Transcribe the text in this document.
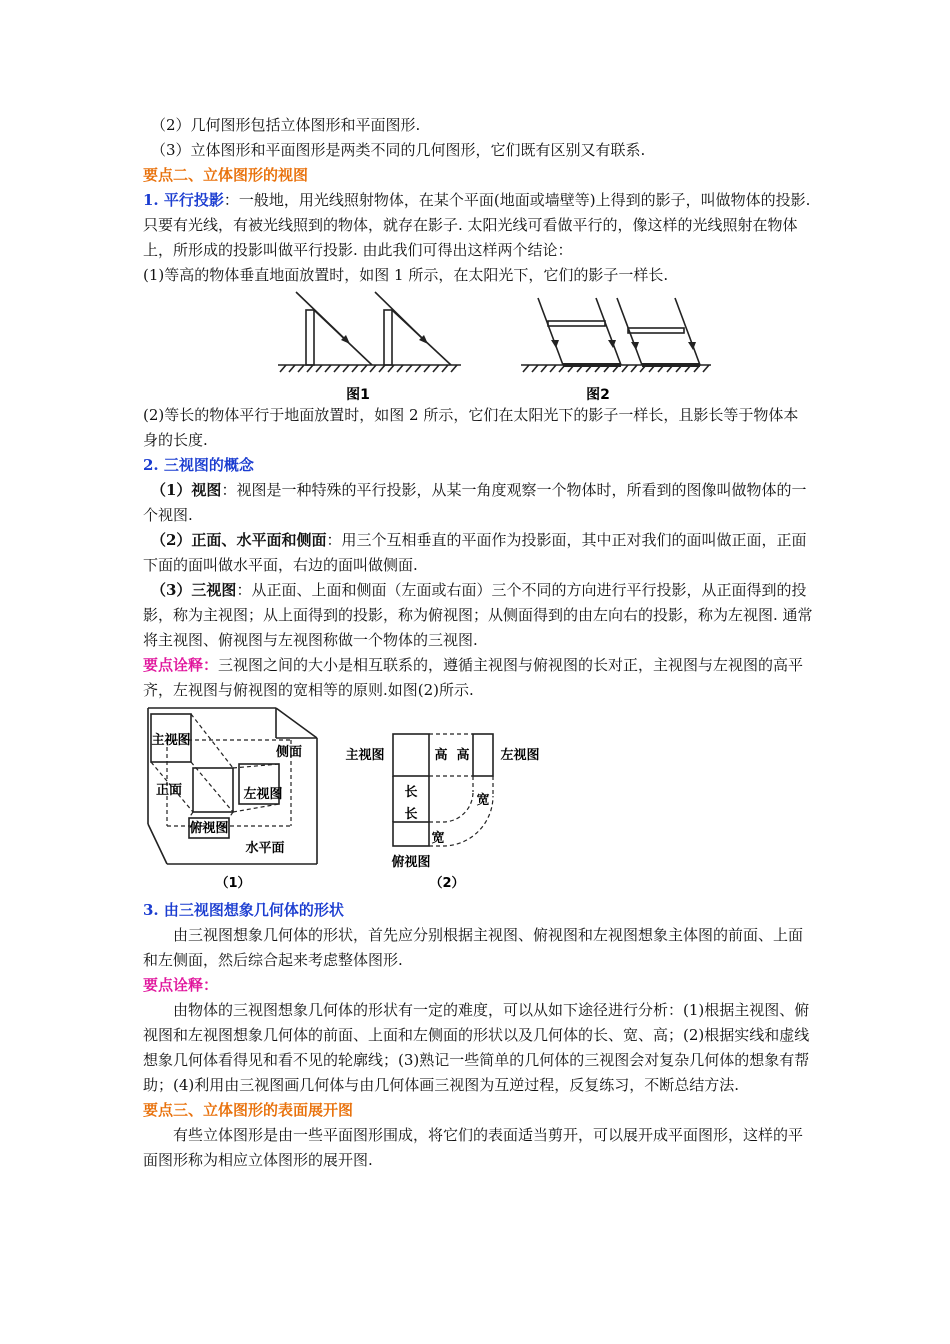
（2）几何图形包括立体图形和平面图形.

（3）立体图形和平面图形是两类不同的几何图形，它们既有区别又有联系.

要点二、立体图形的视图

1. 平行投影：一般地，用光线照射物体，在某个平面(地面或墙壁等)上得到的影子，叫做物体的投影. 只要有光线，有被光线照到的物体，就存在影子. 太阳光线可看做平行的，像这样的光线照射在物体上，所形成的投影叫做平行投影. 由此我们可得出这样两个结论：

(1)等高的物体垂直地面放置时，如图 1 所示，在太阳光下，它们的影子一样长.

图1	图2

(2)等长的物体平行于地面放置时，如图 2 所示，它们在太阳光下的影子一样长，且影长等于物体本身的长度.

2. 三视图的概念

（1）视图：视图是一种特殊的平行投影，从某一角度观察一个物体时，所看到的图像叫做物体的一个视图.

（2）正面、水平面和侧面：用三个互相垂直的平面作为投影面，其中正对我们的面叫做正面，正面下面的面叫做水平面，右边的面叫做侧面.

（3）三视图：从正面、上面和侧面（左面或右面）三个不同的方向进行平行投影，从正面得到的投影，称为主视图；从上面得到的投影，称为俯视图；从侧面得到的由左向右的投影，称为左视图. 通常将主视图、俯视图与左视图称做一个物体的三视图.

要点诠释：三视图之间的大小是相互联系的，遵循主视图与俯视图的长对正，主视图与左视图的高平齐，左视图与俯视图的宽相等的原则.如图(2)所示.

主视图
侧面
正面	左视图
俯视图
水平面
（1）
主视图	高 高 左视图
长
长
宽
宽
俯视图
（2）

3. 由三视图想象几何体的形状

由三视图想象几何体的形状，首先应分别根据主视图、俯视图和左视图想象主体图的前面、上面和左侧面，然后综合起来考虑整体图形.

要点诠释：

由物体的三视图想象几何体的形状有一定的难度，可以从如下途径进行分析：(1)根据主视图、俯视图和左视图想象几何体的前面、上面和左侧面的形状以及几何体的长、宽、高；(2)根据实线和虚线想象几何体看得见和看不见的轮廓线；(3)熟记一些简单的几何体的三视图会对复杂几何体的想象有帮助；(4)利用由三视图画几何体与由几何体画三视图为互逆过程，反复练习，不断总结方法.

要点三、立体图形的表面展开图

有些立体图形是由一些平面图形围成，将它们的表面适当剪开，可以展开成平面图形，这样的平面图形称为相应立体图形的展开图.
